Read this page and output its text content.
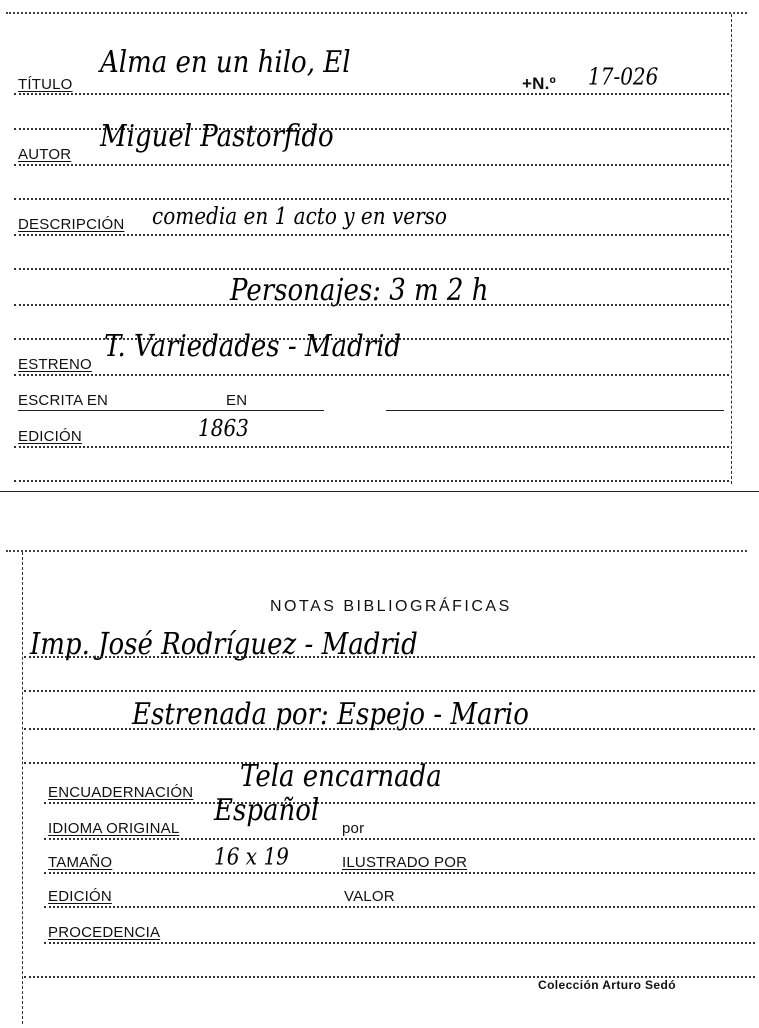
TÍTULO
Alma en un hilo, El
+N.º 17-026
AUTOR
Miguel Pastorfido
DESCRIPCIÓN comedia en 1 acto y en verso
Personajes: 3 m 2 h
ESTRENO
T. Variedades - Madrid
ESCRITA EN	EN
EDICIÓN	1863
NOTAS BIBLIOGRÁFICAS
Imp. José Rodríguez - Madrid
Estrenada por: Espejo - Mario
ENCUADERNACIÓN Tela encarnada
IDIOMA ORIGINAL
Español
por
TAMAÑO	16 x 19	ILUSTRADO POR
EDICIÓN	VALOR
PROCEDENCIA
Colección Arturo Sedó
